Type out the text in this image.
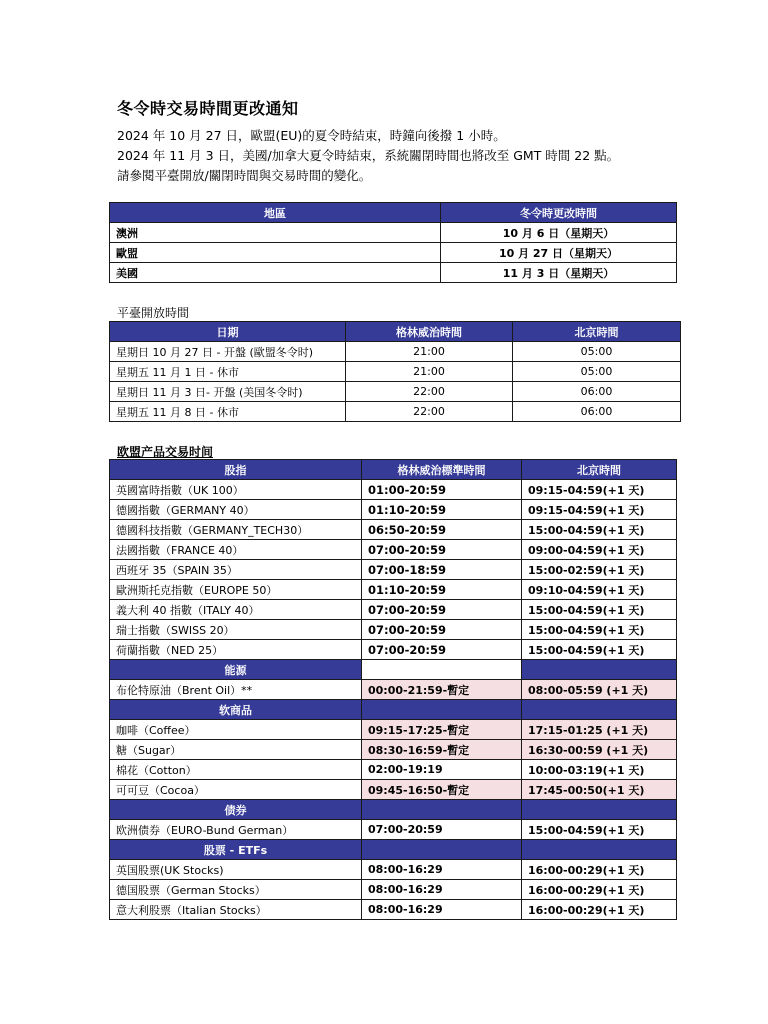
冬令時交易時間更改通知
2024 年 10 月 27 日，歐盟(EU)的夏令時結束，時鐘向後撥 1 小時。
2024 年 11 月 3 日，美國/加拿大夏令時結束，系統關閉時間也將改至 GMT 時間 22 點。
請參閱平臺開放/關閉時間與交易時間的變化。
地區	冬令時更改時間
澳洲	10 月 6 日（星期天）
歐盟	10 月 27 日（星期天）
美國	11 月 3 日（星期天）
平臺開放時間
日期	格林威治時間	北京時間
星期日 10 月 27 日 - 开盤 (歐盟冬令时)	21:00	05:00
星期五 11 月 1 日 - 休市	21:00	05:00
星期日 11 月 3 日- 开盤 (美国冬令时)	22:00	06:00
星期五 11 月 8 日 - 休市	22:00	06:00
欧盟产品交易时间
股指	格林威治標準時間	北京時間
英國富時指數（UK 100）	01:00-20:59	09:15-04:59(+1 天)
德國指數（GERMANY 40）	01:10-20:59	09:15-04:59(+1 天)
德國科技指數（GERMANY_TECH30）	06:50-20:59	15:00-04:59(+1 天)
法國指數（FRANCE 40）	07:00-20:59	09:00-04:59(+1 天)
西班牙 35（SPAIN 35）	07:00-18:59	15:00-02:59(+1 天)
歐洲斯托克指數（EUROPE 50）	01:10-20:59	09:10-04:59(+1 天)
義大利 40 指數（ITALY 40）	07:00-20:59	15:00-04:59(+1 天)
瑞士指數（SWISS 20）	07:00-20:59	15:00-04:59(+1 天)
荷蘭指數（NED 25）	07:00-20:59	15:00-04:59(+1 天)
能源		
布伦特原油（Brent Oil）**	00:00-21:59-暫定	08:00-05:59 (+1 天)
软商品		
咖啡（Coffee）	09:15-17:25-暫定	17:15-01:25 (+1 天)
糖（Sugar）	08:30-16:59-暫定	16:30-00:59 (+1 天)
棉花（Cotton）	02:00-19:19	10:00-03:19(+1 天)
可可豆（Cocoa）	09:45-16:50-暫定	17:45-00:50(+1 天)
债券		
欧洲债券（EURO-Bund German）	07:00-20:59	15:00-04:59(+1 天)
股票 - ETFs		
英国股票(UK Stocks)	08:00-16:29	16:00-00:29(+1 天)
德国股票（German Stocks）	08:00-16:29	16:00-00:29(+1 天)
意大利股票（Italian Stocks）	08:00-16:29	16:00-00:29(+1 天)
